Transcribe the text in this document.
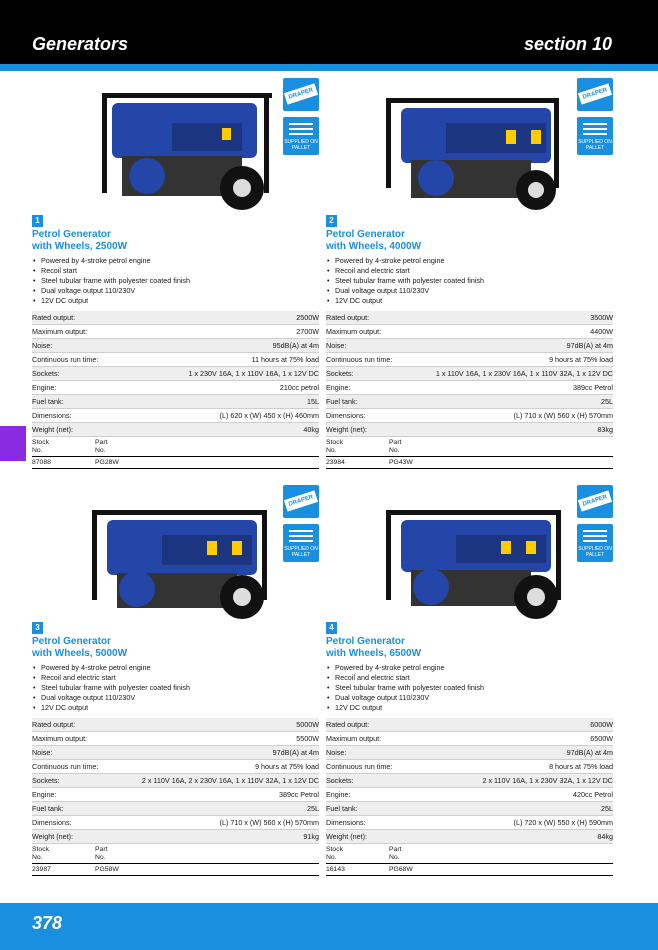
Generators	section 10
DRAPER Expert
SUPPLIED ON
PALLET
1
Petrol Generator
with Wheels, 2500W
• Powered by 4-stroke petrol engine
• Recoil start
• Steel tubular frame with polyester coated finish
• Dual voltage output 110/230V
• 12V DC output
Rated output:	2500W
Maximum output:	2700W
Noise:	95dB(A) at 4m
Continuous run time:	11 hours at 75% load
Sockets:	1 x 230V 16A, 1 x 110V 16A, 1 x 12V DC
Engine:	210cc petrol
Fuel tank:	15L
Dimensions:	(L) 620 x (W) 450 x (H) 460mm
Weight (net):	40kg
Stock
No.
Part
No.
87088	PG28W
DRAPER Expert
SUPPLIED ON
PALLET
2
Petrol Generator
with Wheels, 4000W
• Powered by 4-stroke petrol engine
• Recoil and electric start
• Steel tubular frame with polyester coated finish
• Dual voltage output 110/230V
• 12V DC output
Rated output:	3500W
Maximum output:	4400W
Noise:	97dB(A) at 4m
Continuous run time:	9 hours at 75% load
Sockets:	1 x 110V 16A, 1 x 230V 16A, 1 x 110V 32A, 1 x 12V DC
Engine:	389cc Petrol
Fuel tank:	25L
Dimensions:	(L) 710 x (W) 560 x (H) 570mm
Weight (net):	83kg
Stock
No.
Part
No.
23984	PG43W
DRAPER Expert
SUPPLIED ON
PALLET
3
Petrol Generator
with Wheels, 5000W
• Powered by 4-stroke petrol engine
• Recoil and electric start
• Steel tubular frame with polyester coated finish
• Dual voltage output 110/230V
• 12V DC output
Rated output:	5000W
Maximum output:	5500W
Noise:	97dB(A) at 4m
Continuous run time:	9 hours at 75% load
Sockets:	2 x 110V 16A, 2 x 230V 16A, 1 x 110V 32A, 1 x 12V DC
Engine:	389cc Petrol
Fuel tank:	25L
Dimensions:	(L) 710 x (W) 560 x (H) 570mm
Weight (net):	91kg
Stock
No.
Part
No.
23987	PG58W
DRAPER Expert
SUPPLIED ON
PALLET
4
Petrol Generator
with Wheels, 6500W
• Powered by 4-stroke petrol engine
• Recoil and electric start
• Steel tubular frame with polyester coated finish
• Dual voltage output 110/230V
• 12V DC output
Rated output:	6000W
Maximum output:	6500W
Noise:	97dB(A) at 4m
Continuous run time:	8 hours at 75% load
Sockets:	2 x 110V 16A, 1 x 230V 32A, 1 x 12V DC
Engine:	420cc Petrol
Fuel tank:	25L
Dimensions:	(L) 720 x (W) 550 x (H) 590mm
Weight (net):	84kg
Stock
No.
Part
No.
16143	PG68W
378
